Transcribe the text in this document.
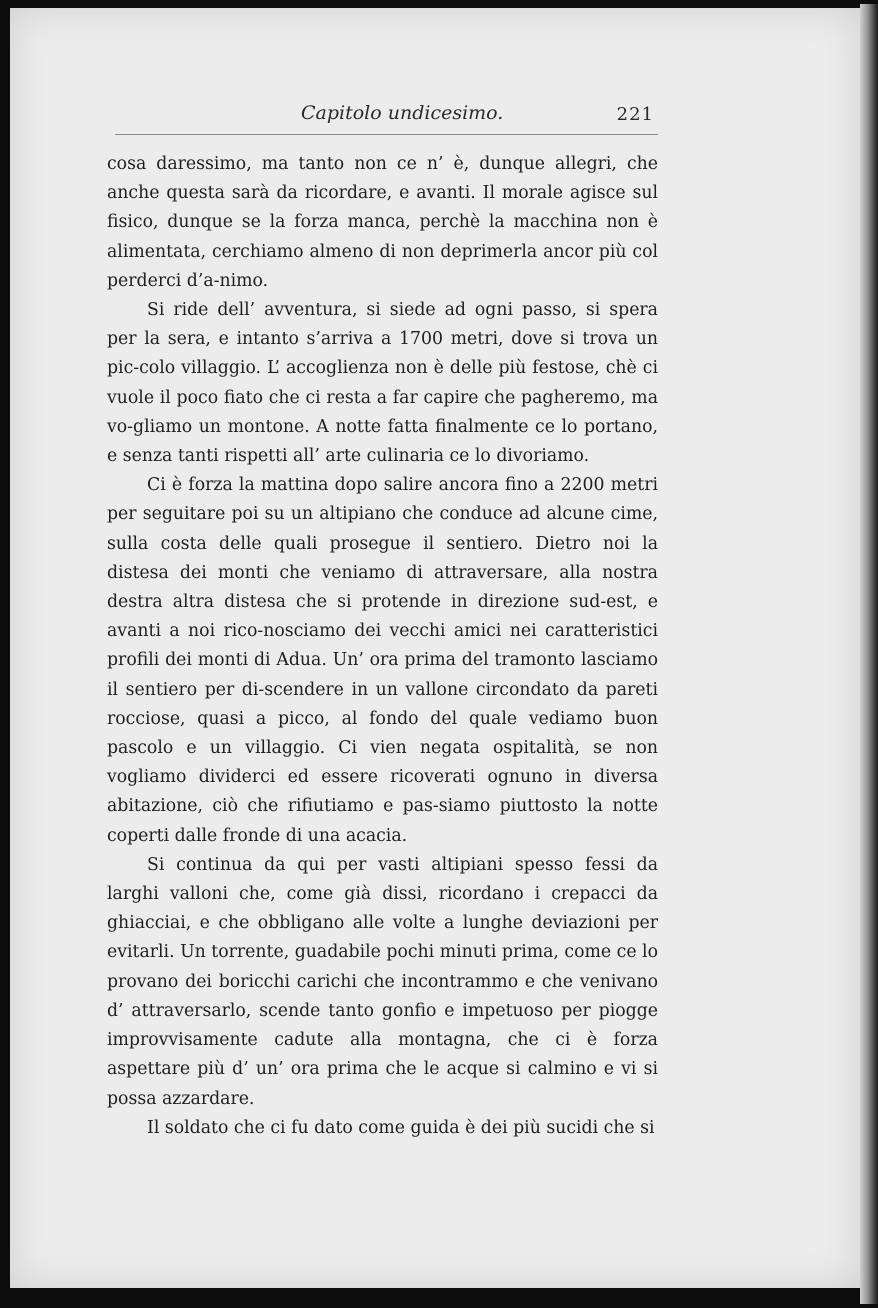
Capitolo undicesimo.	221

cosa daressimo, ma tanto non ce n’ è, dunque allegri, che anche questa sarà da ricordare, e avanti. Il morale agisce sul fisico, dunque se la forza manca, perchè la macchina non è alimentata, cerchiamo almeno di non deprimerla ancor più col perderci d’a-nimo.

Si ride dell’ avventura, si siede ad ogni passo, si spera per la sera, e intanto s’arriva a 1700 metri, dove si trova un pic-colo villaggio. L’ accoglienza non è delle più festose, chè ci vuole il poco fiato che ci resta a far capire che pagheremo, ma vo-gliamo un montone. A notte fatta finalmente ce lo portano, e senza tanti rispetti all’ arte culinaria ce lo divoriamo.

Ci è forza la mattina dopo salire ancora fino a 2200 metri per seguitare poi su un altipiano che conduce ad alcune cime, sulla costa delle quali prosegue il sentiero. Dietro noi la distesa dei monti che veniamo di attraversare, alla nostra destra altra distesa che si protende in direzione sud-est, e avanti a noi rico-nosciamo dei vecchi amici nei caratteristici profili dei monti di Adua. Un’ ora prima del tramonto lasciamo il sentiero per di-scendere in un vallone circondato da pareti rocciose, quasi a picco, al fondo del quale vediamo buon pascolo e un villaggio. Ci vien negata ospitalità, se non vogliamo dividerci ed essere ricoverati ognuno in diversa abitazione, ciò che rifiutiamo e pas-siamo piuttosto la notte coperti dalle fronde di una acacia.

Si continua da qui per vasti altipiani spesso fessi da larghi valloni che, come già dissi, ricordano i crepacci da ghiacciai, e che obbligano alle volte a lunghe deviazioni per evitarli. Un torrente, guadabile pochi minuti prima, come ce lo provano dei boricchi carichi che incontrammo e che venivano d’ attraversarlo, scende tanto gonfio e impetuoso per piogge improvvisamente cadute alla montagna, che ci è forza aspettare più d’ un’ ora prima che le acque si calmino e vi si possa azzardare.

Il soldato che ci fu dato come guida è dei più sucidi che si
